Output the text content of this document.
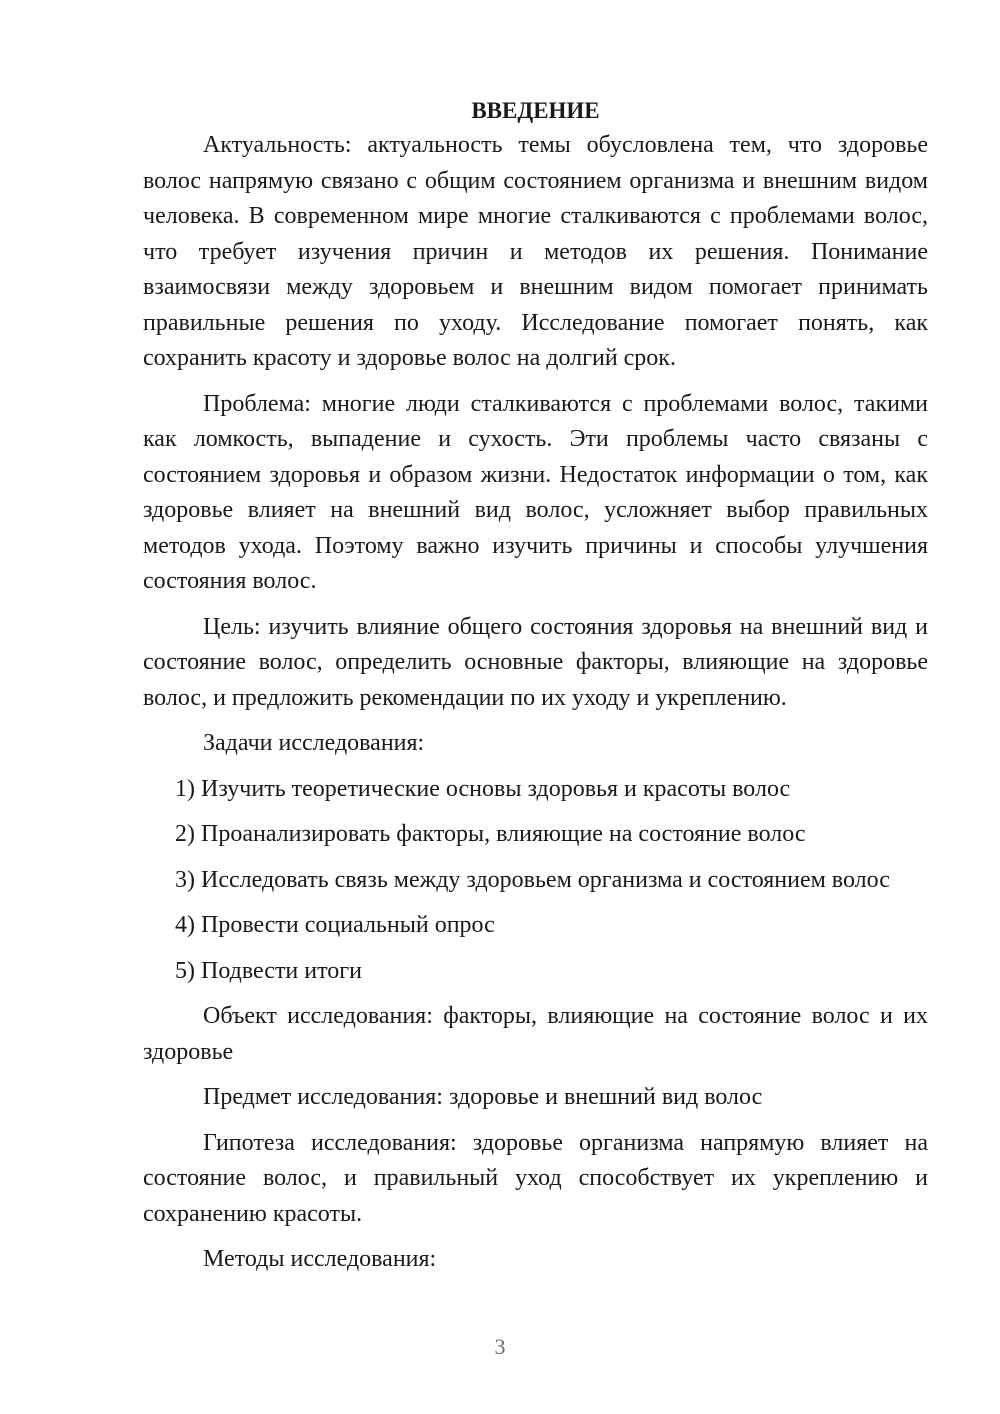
ВВЕДЕНИЕ

Актуальность: актуальность темы обусловлена тем, что здоровье волос напрямую связано с общим состоянием организма и внешним видом человека. В современном мире многие сталкиваются с проблемами волос, что требует изучения причин и методов их решения. Понимание взаимосвязи между здоровьем и внешним видом помогает принимать правильные решения по уходу. Исследование помогает понять, как сохранить красоту и здоровье волос на долгий срок.

Проблема: многие люди сталкиваются с проблемами волос, такими как ломкость, выпадение и сухость. Эти проблемы часто связаны с состоянием здоровья и образом жизни. Недостаток информации о том, как здоровье влияет на внешний вид волос, усложняет выбор правильных методов ухода. Поэтому важно изучить причины и способы улучшения состояния волос.

Цель: изучить влияние общего состояния здоровья на внешний вид и состояние волос, определить основные факторы, влияющие на здоровье волос, и предложить рекомендации по их уходу и укреплению.

Задачи исследования:

1) Изучить теоретические основы здоровья и красоты волос

2) Проанализировать факторы, влияющие на состояние волос

3) Исследовать связь между здоровьем организма и состоянием волос

4) Провести социальный опрос

5) Подвести итоги

Объект исследования: факторы, влияющие на состояние волос и их здоровье

Предмет исследования: здоровье и внешний вид волос

Гипотеза исследования: здоровье организма напрямую влияет на состояние волос, и правильный уход способствует их укреплению и сохранению красоты.

Методы исследования:

3
